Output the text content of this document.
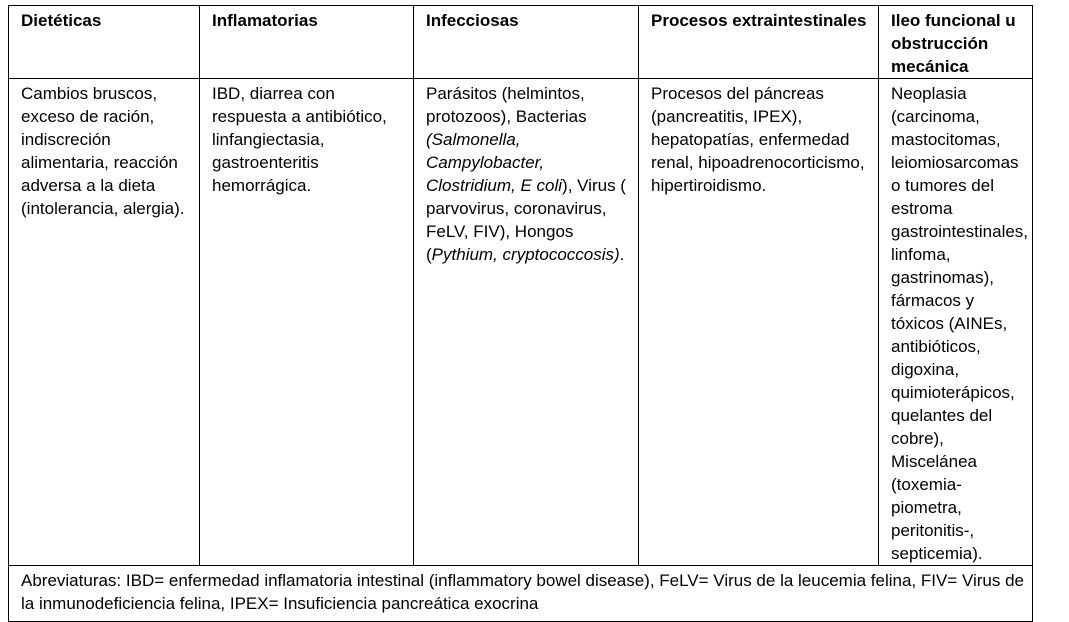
Dietéticas	Inflamatorias	Infecciosas	Procesos extraintestinales	Ileo funcional u obstrucción mecánica
Cambios bruscos, exceso de ración, indiscreción alimentaria, reacción adversa a la dieta (intolerancia, alergia).	IBD, diarrea con respuesta a antibiótico, linfangiectasia, gastroenteritis hemorrágica.	Parásitos (helmintos, protozoos), Bacterias (Salmonella, Campylobacter, Clostridium, E coli), Virus ( parvovirus, coronavirus, FeLV, FIV), Hongos (Pythium, cryptococcosis).	Procesos del páncreas (pancreatitis, IPEX), hepatopatías, enfermedad renal, hipoadrenocorticismo, hipertiroidismo.	Neoplasia (carcinoma, mastocitomas, leiomiosarcomas o tumores del estroma gastrointestinales, linfoma, gastrinomas), fármacos y tóxicos (AINEs, antibióticos, digoxina, quimioterápicos, quelantes del cobre), Miscelánea (toxemia-piometra, peritonitis-, septicemia).
Abreviaturas: IBD= enfermedad inflamatoria intestinal (inflammatory bowel disease), FeLV= Virus de la leucemia felina, FIV= Virus de la inmunodeficiencia felina, IPEX= Insuficiencia pancreática exocrina				
